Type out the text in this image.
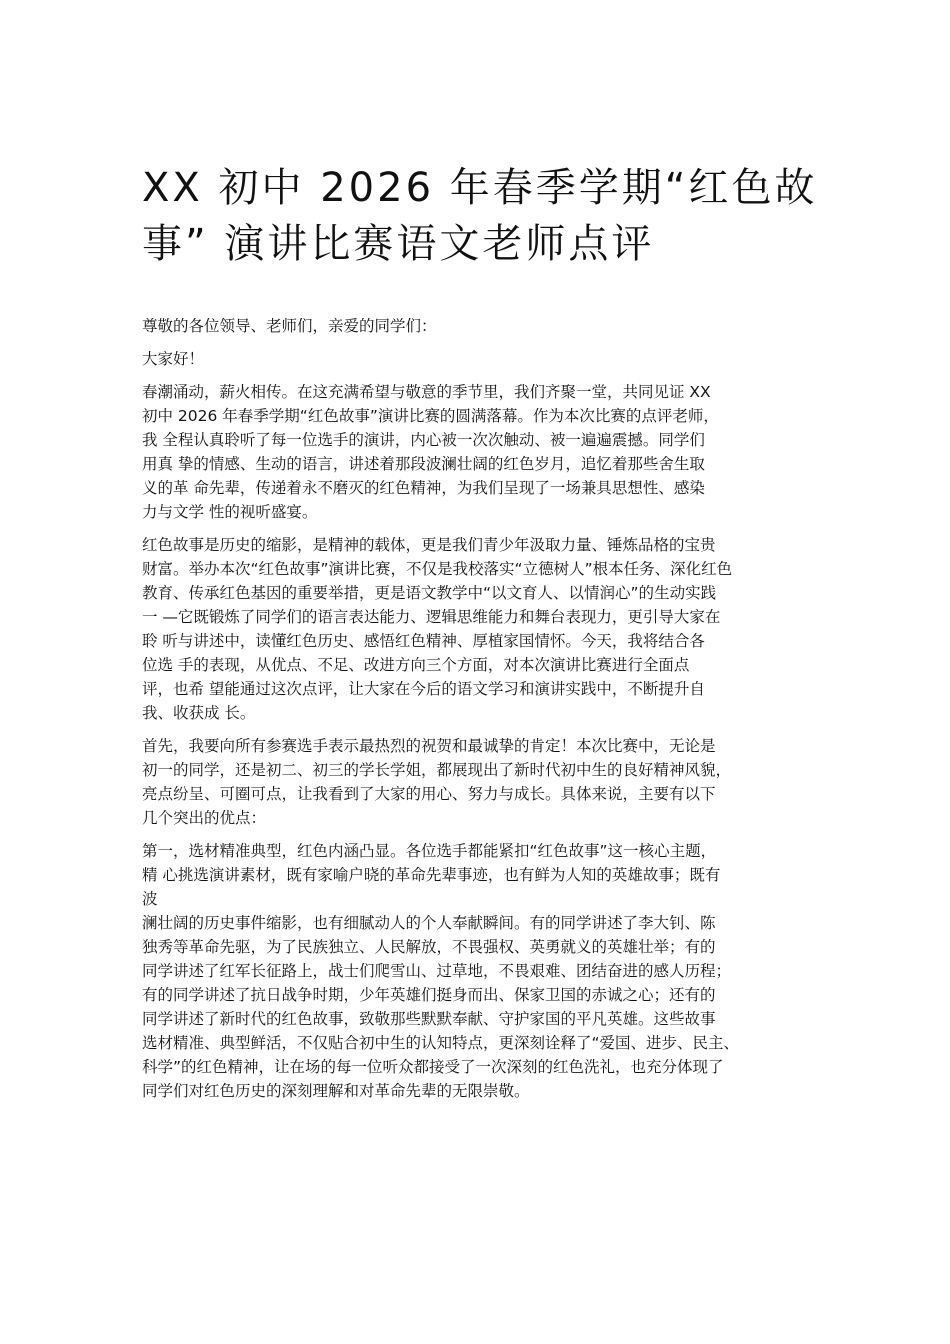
XX 初中 2026 年春季学期“红色故
事” 演讲比赛语文老师点评
尊敬的各位领导、老师们，亲爱的同学们：
大家好！
春潮涌动，薪火相传。在这充满希望与敬意的季节里，我们齐聚一堂，共同见证 XX
初中 2026 年春季学期“红色故事”演讲比赛的圆满落幕。作为本次比赛的点评老师，
我 全程认真聆听了每一位选手的演讲，内心被一次次触动、被一遍遍震撼。同学们
用真 挚的情感、生动的语言，讲述着那段波澜壮阔的红色岁月，追忆着那些舍生取
义的革 命先辈，传递着永不磨灭的红色精神，为我们呈现了一场兼具思想性、感染
力与文学 性的视听盛宴。
红色故事是历史的缩影，是精神的载体，更是我们青少年汲取力量、锤炼品格的宝贵
财富。举办本次“红色故事”演讲比赛，不仅是我校落实“立德树人”根本任务、深化红色
教育、传承红色基因的重要举措，更是语文教学中“以文育人、以情润心”的生动实践
一 —它既锻炼了同学们的语言表达能力、逻辑思维能力和舞台表现力，更引导大家在
聆 听与讲述中，读懂红色历史、感悟红色精神、厚植家国情怀。今天，我将结合各
位选 手的表现，从优点、不足、改进方向三个方面，对本次演讲比赛进行全面点
评，也希 望能通过这次点评，让大家在今后的语文学习和演讲实践中，不断提升自
我、收获成 长。
首先，我要向所有参赛选手表示最热烈的祝贺和最诚挚的肯定！本次比赛中，无论是
初一的同学，还是初二、初三的学长学姐，都展现出了新时代初中生的良好精神风貌，
亮点纷呈、可圈可点，让我看到了大家的用心、努力与成长。具体来说，主要有以下
几个突出的优点：
第一，选材精准典型，红色内涵凸显。各位选手都能紧扣“红色故事”这一核心主题，
精 心挑选演讲素材，既有家喻户晓的革命先辈事迹，也有鲜为人知的英雄故事；既有
波
澜壮阔的历史事件缩影，也有细腻动人的个人奉献瞬间。有的同学讲述了李大钊、陈
独秀等革命先驱，为了民族独立、人民解放，不畏强权、英勇就义的英雄壮举；有的
同学讲述了红军长征路上，战士们爬雪山、过草地，不畏艰难、团结奋进的感人历程；
有的同学讲述了抗日战争时期，少年英雄们挺身而出、保家卫国的赤诚之心；还有的
同学讲述了新时代的红色故事，致敬那些默默奉献、守护家国的平凡英雄。这些故事
选材精准、典型鲜活，不仅贴合初中生的认知特点，更深刻诠释了“爱国、进步、民主、
科学”的红色精神，让在场的每一位听众都接受了一次深刻的红色洗礼，也充分体现了
同学们对红色历史的深刻理解和对革命先辈的无限崇敬。
